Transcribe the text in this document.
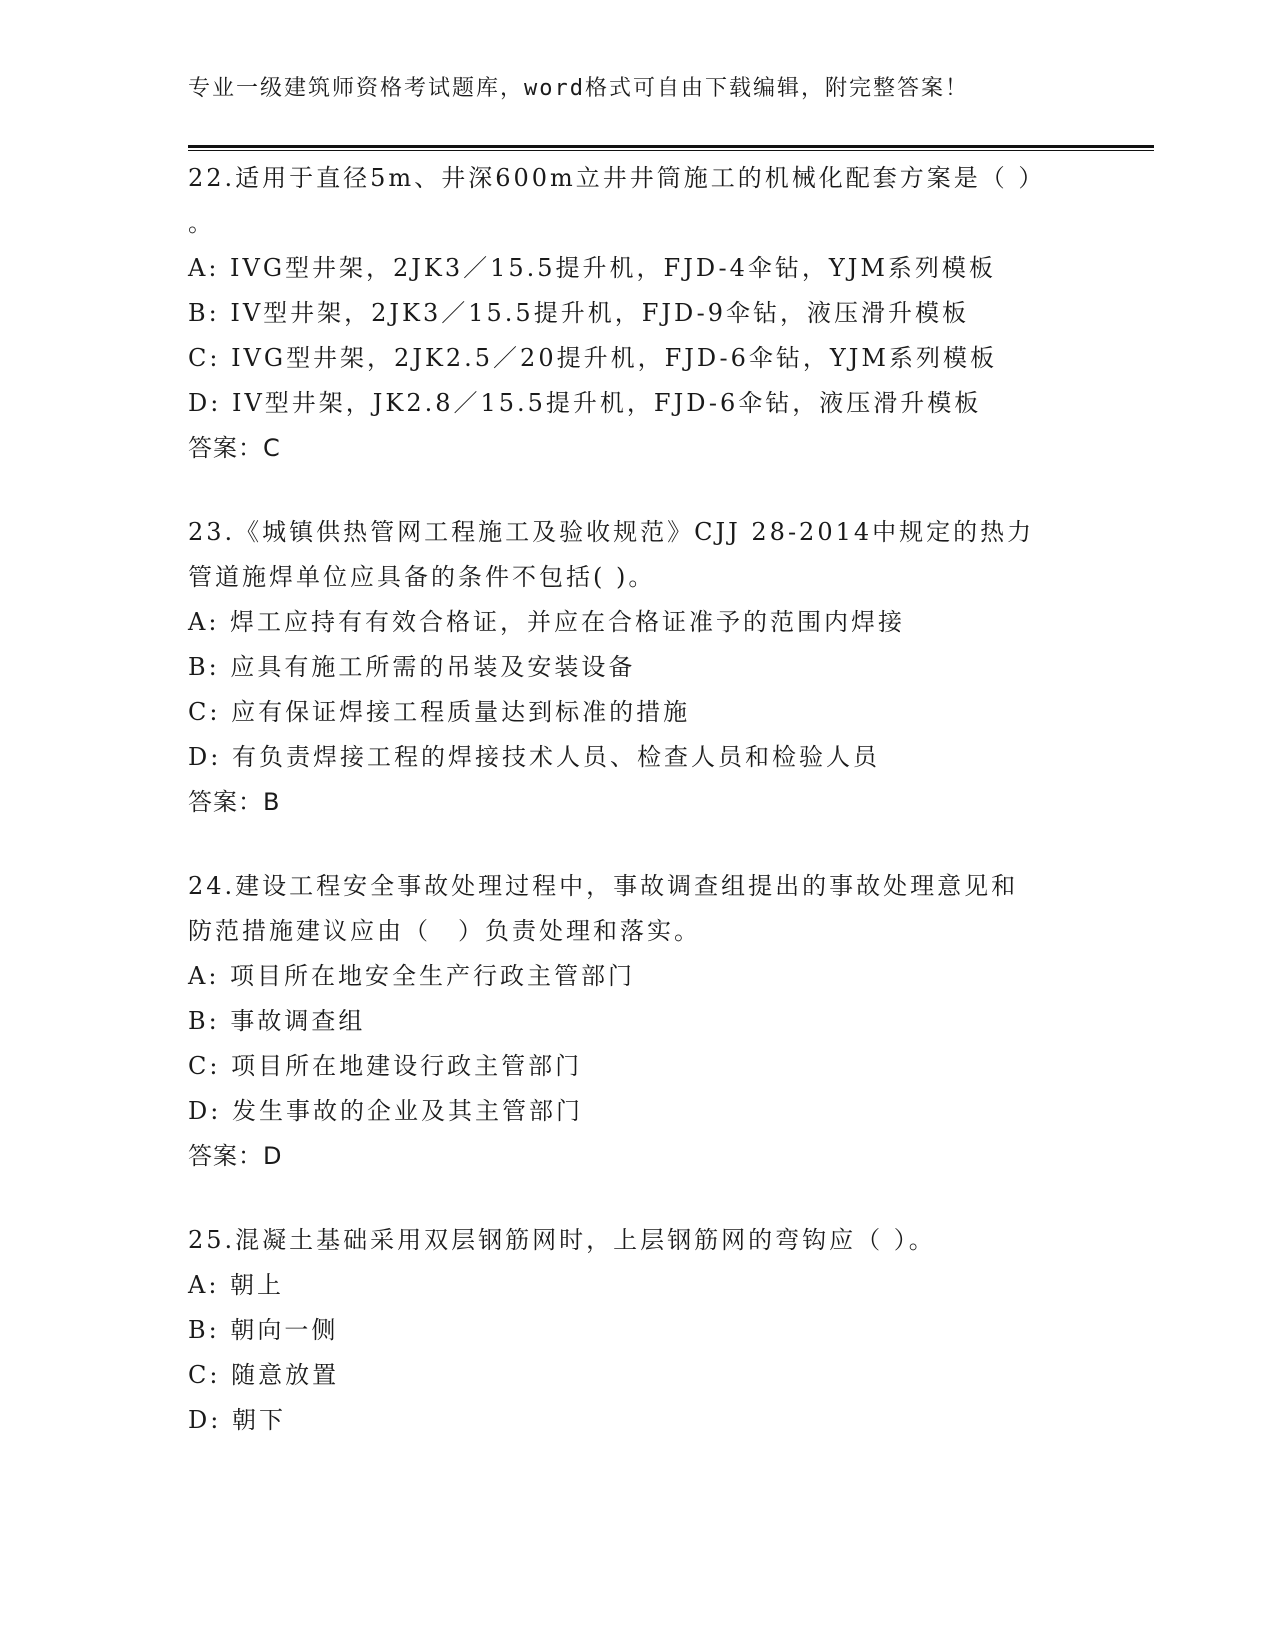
专业一级建筑师资格考试题库，word格式可自由下载编辑，附完整答案！
22.适用于直径5m、井深600m立井井筒施工的机械化配套方案是（ ）
。
A: IVG型井架，2JK3／15.5提升机，FJD-4伞钻，YJM系列模板
B: IV型井架，2JK3／15.5提升机，FJD-9伞钻，液压滑升模板
C: IVG型井架，2JK2.5／20提升机，FJD-6伞钻，YJM系列模板
D: IV型井架，JK2.8／15.5提升机，FJD-6伞钻，液压滑升模板
答案：C
23.《城镇供热管网工程施工及验收规范》CJJ 28-2014中规定的热力
管道施焊单位应具备的条件不包括( )。
A: 焊工应持有有效合格证，并应在合格证准予的范围内焊接
B: 应具有施工所需的吊装及安装设备
C: 应有保证焊接工程质量达到标准的措施
D: 有负责焊接工程的焊接技术人员、检查人员和检验人员
答案：B
24.建设工程安全事故处理过程中，事故调查组提出的事故处理意见和
防范措施建议应由（　）负责处理和落实。
A: 项目所在地安全生产行政主管部门
B: 事故调查组
C: 项目所在地建设行政主管部门
D: 发生事故的企业及其主管部门
答案：D
25.混凝土基础采用双层钢筋网时，上层钢筋网的弯钩应（ ）。
A: 朝上
B: 朝向一侧
C: 随意放置
D: 朝下
